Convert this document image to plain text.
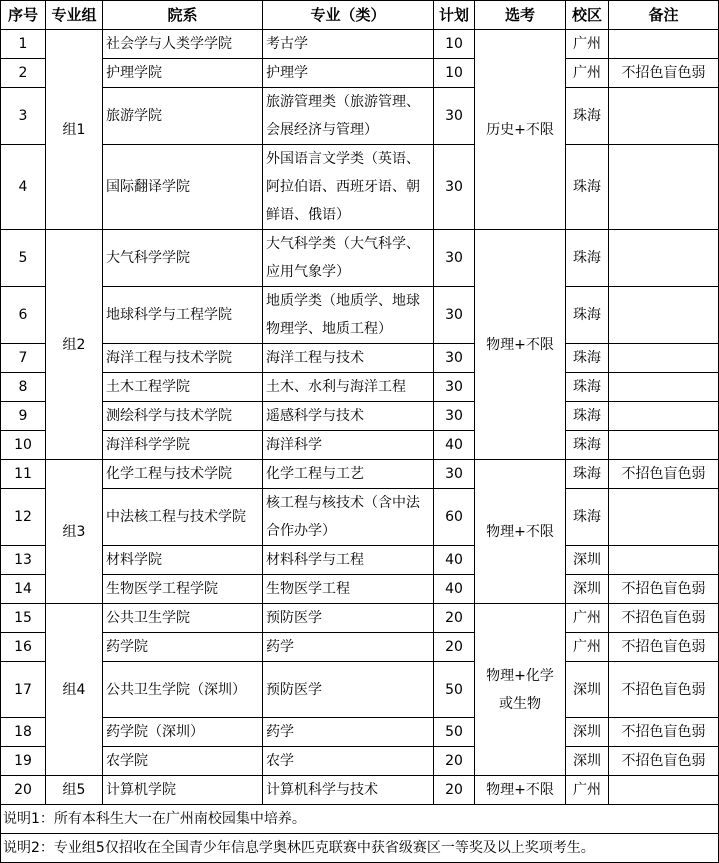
序号	专业组	院系	专业（类）	计划	选考	校区	备注
1	组1	社会学与人类学学院	考古学	10	历史+不限	广州	
2		护理学院	护理学	10		广州	不招色盲色弱
3		旅游学院	旅游管理类（旅游管理、会展经济与管理）	30		珠海	
4		国际翻译学院	外国语言文学类（英语、阿拉伯语、西班牙语、朝鲜语、俄语）	30		珠海	
5	组2	大气科学学院	大气科学类（大气科学、应用气象学）	30	物理+不限	珠海	
6		地球科学与工程学院	地质学类（地质学、地球物理学、地质工程）	30		珠海	
7		海洋工程与技术学院	海洋工程与技术	30		珠海	
8		土木工程学院	土木、水利与海洋工程	30		珠海	
9		测绘科学与技术学院	遥感科学与技术	30		珠海	
10		海洋科学学院	海洋科学	40		珠海	
11	组3	化学工程与技术学院	化学工程与工艺	30	物理+不限	珠海	不招色盲色弱
12		中法核工程与技术学院	核工程与核技术（含中法合作办学）	60		珠海	
13		材料学院	材料科学与工程	40		深圳	
14		生物医学工程学院	生物医学工程	40		深圳	不招色盲色弱
15	组4	公共卫生学院	预防医学	20	物理+化学或生物	广州	不招色盲色弱
16		药学院	药学	20		广州	不招色盲色弱
17		公共卫生学院（深圳）	预防医学	50		深圳	不招色盲色弱
18		药学院（深圳）	药学	50		深圳	不招色盲色弱
19		农学院	农学	20		深圳	不招色盲色弱
20	组5	计算机学院	计算机科学与技术	20	物理+不限	广州	
说明1：所有本科生大一在广州南校园集中培养。							
说明2：专业组5仅招收在全国青少年信息学奥林匹克联赛中获省级赛区一等奖及以上奖项考生。							
